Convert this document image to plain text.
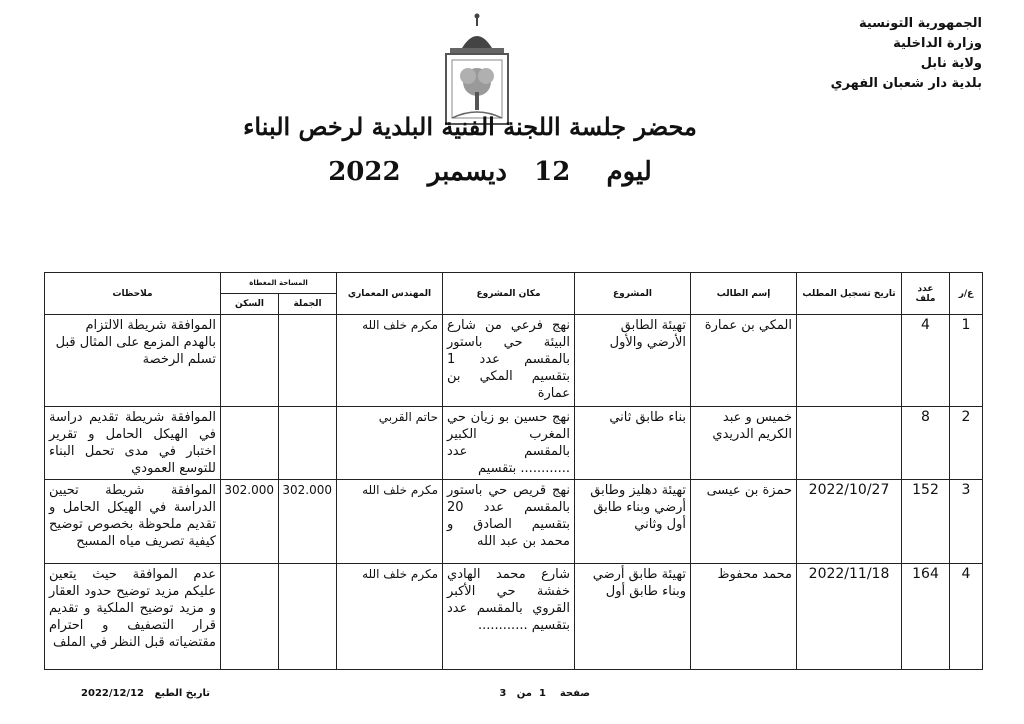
الجمهورية التونسية
وزارة الداخلية
ولاية نابل
بلدية دار شعبان الفهري
محضر جلسة اللجنة الفنية البلدية لرخص البناء
ليوم    12   ديسمبر   2022
ع/ر	عدد ملف	تاريخ تسجيل المطلب	إسم الطالب	المشروع	مكان المشروع	المهندس المعماري	المساحة المغطاة		ملاحظات
							الجملة	السكن	
1	4		المكي بن عمارة	تهيئة الطابق الأرضي والأول	نهج فرعي من شارع البيئة حي باستور بالمقسم عدد 1 بتقسيم المكي بن عمارة	مكرم خلف الله			الموافقة شريطة الالتزام بالهدم المزمع على المثال قبل تسلم الرخصة
2	8		خميس و عبد الكريم الدريدي	بناء طابق ثاني	نهج حسين بو زيان حي المغرب الكبير بالمقسم عدد ............ بتقسيم	حاتم القربي			الموافقة شريطة تقديم دراسة في الهيكل الحامل و تقرير اختبار في مدى تحمل البناء للتوسع العمودي
3	152	2022/10/27	حمزة بن عيسى	تهيئة دهليز وطابق أرضي وبناء طابق أول وثاني	نهج قريص حي باستور بالمقسم عدد 20 بتقسيم الصادق و محمد بن عبد الله	مكرم خلف الله	302.000	302.000	الموافقة شريطة تحيين الدراسة في الهيكل الحامل و تقديم ملحوظة بخصوص توضيح كيفية تصريف مياه المسبح
4	164	2022/11/18	محمد محفوظ	تهيئة طابق أرضي وبناء طابق أول	شارع محمد الهادي خفشة حي الأكبر القروي بالمقسم عدد بتقسيم ............	مكرم خلف الله			عدم الموافقة حيث يتعين عليكم مزيد توضيح حدود العقار و مزيد توضيح الملكية و تقديم قرار التصفيف و احترام مقتضياته قبل النظر في الملف
تاريخ الطبع   2022/12/12	صفحة    1  من   3
